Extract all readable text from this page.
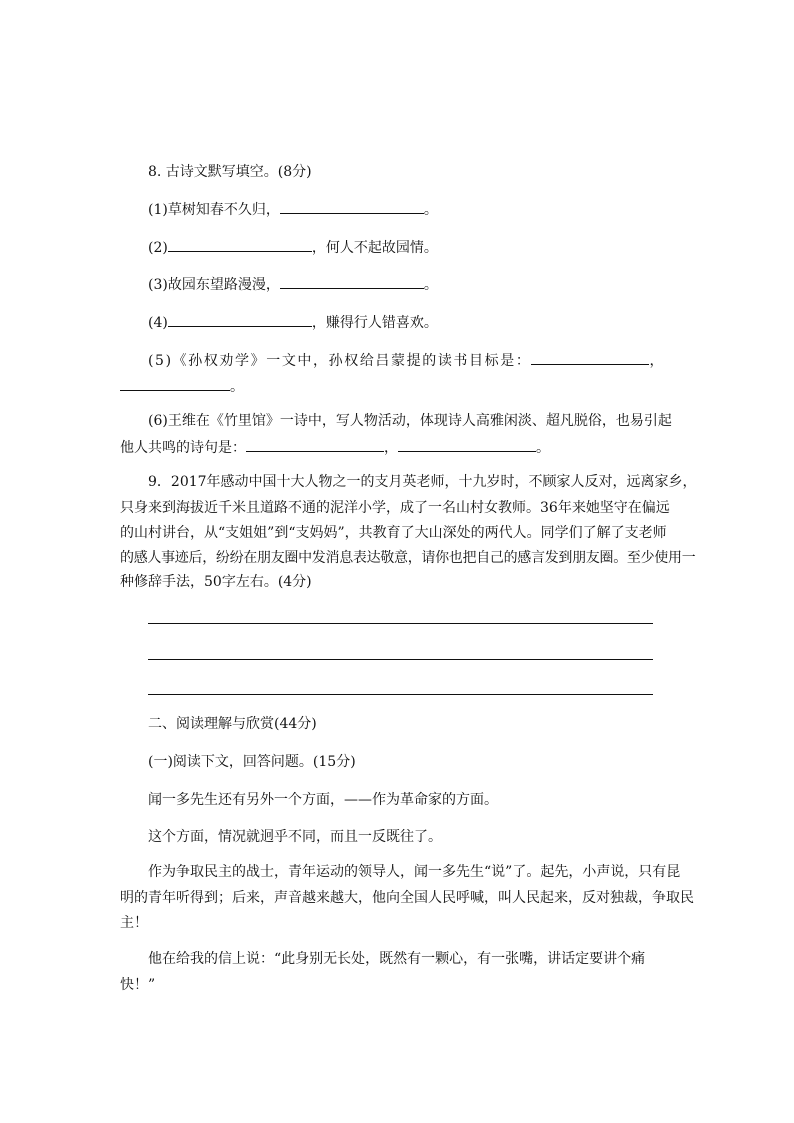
8. 古诗文默写填空。(8分)
(1)草树知春不久归，	。
(2)	，何人不起故园情。
(3)故园东望路漫漫，	。
(4)	，赚得行人错喜欢。
(5)《孙权劝学》一文中，孙权给吕蒙提的读书目标是：	，
。
(6)王维在《竹里馆》一诗中，写人物活动，体现诗人高雅闲淡、超凡脱俗，也易引起
他人共鸣的诗句是：	，	。
9．2017年感动中国十大人物之一的支月英老师，十九岁时，不顾家人反对，远离家乡，
只身来到海拔近千米且道路不通的泥洋小学，成了一名山村女教师。36年来她坚守在偏远
的山村讲台，从“支姐姐”到“支妈妈”，共教育了大山深处的两代人。同学们了解了支老师
的感人事迹后，纷纷在朋友圈中发消息表达敬意，请你也把自己的感言发到朋友圈。至少使用一
种修辞手法，50字左右。(4分)
二、阅读理解与欣赏(44分)
(一)阅读下文，回答问题。(15分)
闻一多先生还有另外一个方面，——作为革命家的方面。
这个方面，情况就迥乎不同，而且一反既往了。
作为争取民主的战士，青年运动的领导人，闻一多先生“说”了。起先，小声说，只有昆
明的青年听得到；后来，声音越来越大，他向全国人民呼喊，叫人民起来，反对独裁，争取民
主！
他在给我的信上说：“此身别无长处，既然有一颗心，有一张嘴，讲话定要讲个痛
快！”
